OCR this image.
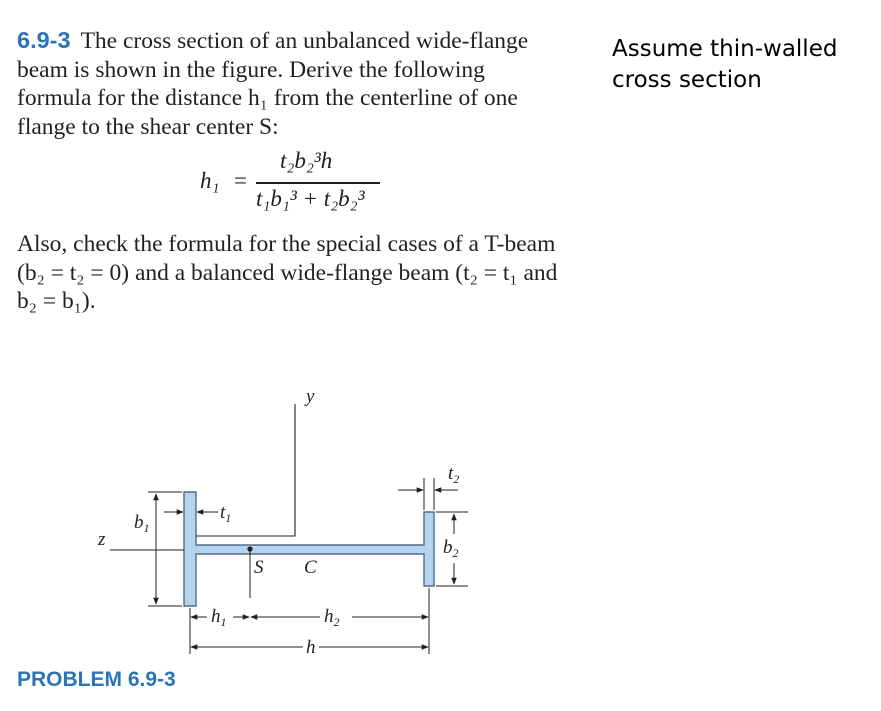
6.9-3 The cross section of an unbalanced wide-flange beam is shown in the figure. Derive the following formula for the distance h₁ from the centerline of one flange to the shear center S:

h₁ =
t₂b₂³h
t₁b₁³ + t₂b₂³

Also, check the formula for the special cases of a T-beam (b₂ = t₂ = 0) and a balanced wide-flange beam (t₂ = t₁ and b₂ = b₁).

Assume thin-walled
cross section
y
z
S C
$b_1$
$t_1$
$t_2$
$b_2$
$h_1$	$h_2$
h
PROBLEM 6.9-3
